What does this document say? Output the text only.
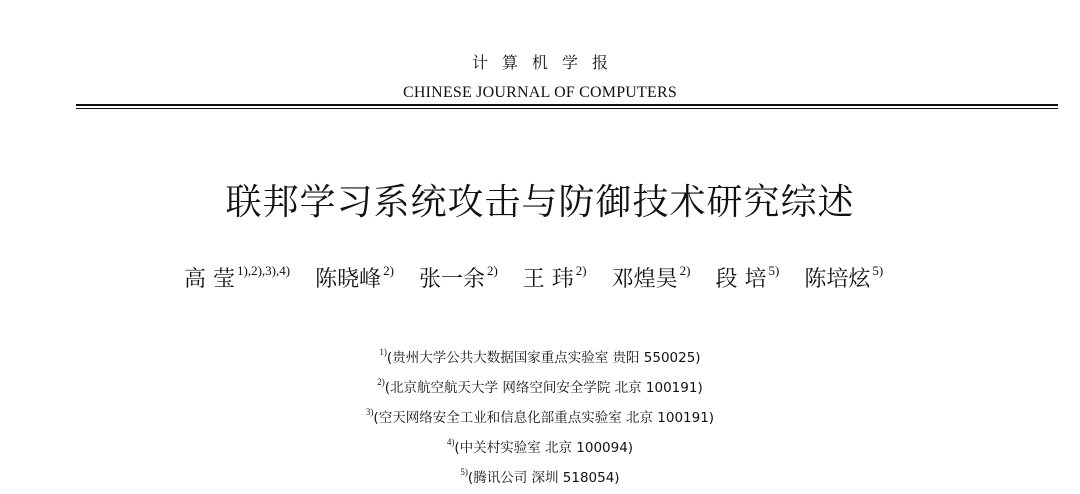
计算机学报
CHINESE JOURNAL OF COMPUTERS
联邦学习系统攻击与防御技术研究综述
高 莹 $^{1),2),3),4)}$ 陈晓峰 $^{2)}$ 张一余 $^{2)}$ 王 玮 $^{2)}$ 邓煌昊 $^{2)}$ 段 培 $^{5)}$ 陈培炫 $^{5)}$
$^{1)}$(贵州大学公共大数据国家重点实验室 贵阳 550025)
$^{2)}$(北京航空航天大学 网络空间安全学院 北京 100191)
$^{3)}$(空天网络安全工业和信息化部重点实验室 北京 100191)
$^{4)}$(中关村实验室 北京 100094)
$^{5)}$(腾讯公司 深圳 518054)
